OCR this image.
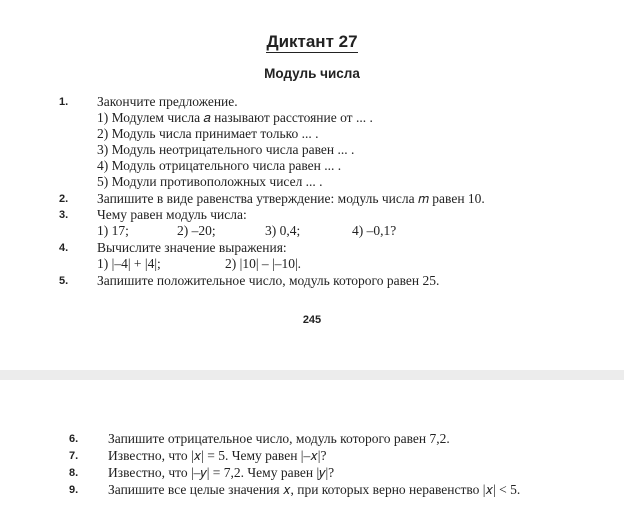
Диктант 27
Модуль числа
1. Закончите предложение.
1) Модулем числа 𝑎 называют расстояние от ... .
2) Модуль числа принимает только ... .
3) Модуль неотрицательного числа равен ... .
4) Модуль отрицательного числа равен ... .
5) Модули противоположных чисел ... .
2. Запишите в виде равенства утверждение: модуль числа 𝑚 равен 10.
3. Чему равен модуль числа:
1) 17;	2) –20;	3) 0,4;	4) –0,1?
4. Вычислите значение выражения:
1) |–4| + |4|;	2) |10| – |–10|.
5. Запишите положительное число, модуль которого равен 25.
245
6. Запишите отрицательное число, модуль которого равен 7,2.
7. Известно, что |𝑥| = 5. Чему равен |–𝑥|?
8. Известно, что |–𝑦| = 7,2. Чему равен |𝑦|?
9. Запишите все целые значения 𝑥, при которых верно неравенство |𝑥| < 5.
